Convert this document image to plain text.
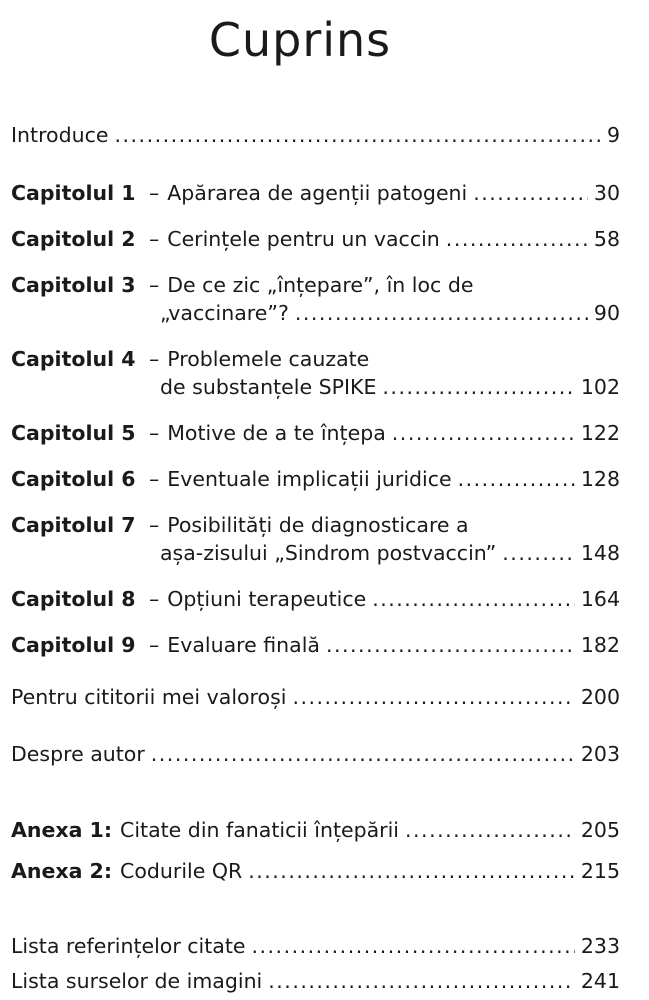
Cuprins
Introduce .....	9
Capitolul 1 – Apărarea de agenții patogeni .....	30
Capitolul 2 – Cerințele pentru un vaccin .....	58
Capitolul 3 – De ce zic „înțepare”, în loc de
„vaccinare”? .....	90
Capitolul 4 – Problemele cauzate
de substanțele SPIKE .....	102
Capitolul 5 – Motive de a te înțepa .....	122
Capitolul 6 – Eventuale implicații juridice .....	128
Capitolul 7 – Posibilități de diagnosticare a
așa-zisului „Sindrom postvaccin” .....	148
Capitolul 8 – Opțiuni terapeutice .....	164
Capitolul 9 – Evaluare finală .....	182
Pentru cititorii mei valoroși .....	200
Despre autor .....	203
Anexa 1: Citate din fanaticii înțepării .....	205
Anexa 2: Codurile QR .....	215
Lista referințelor citate .....	233
Lista surselor de imagini .....	241
